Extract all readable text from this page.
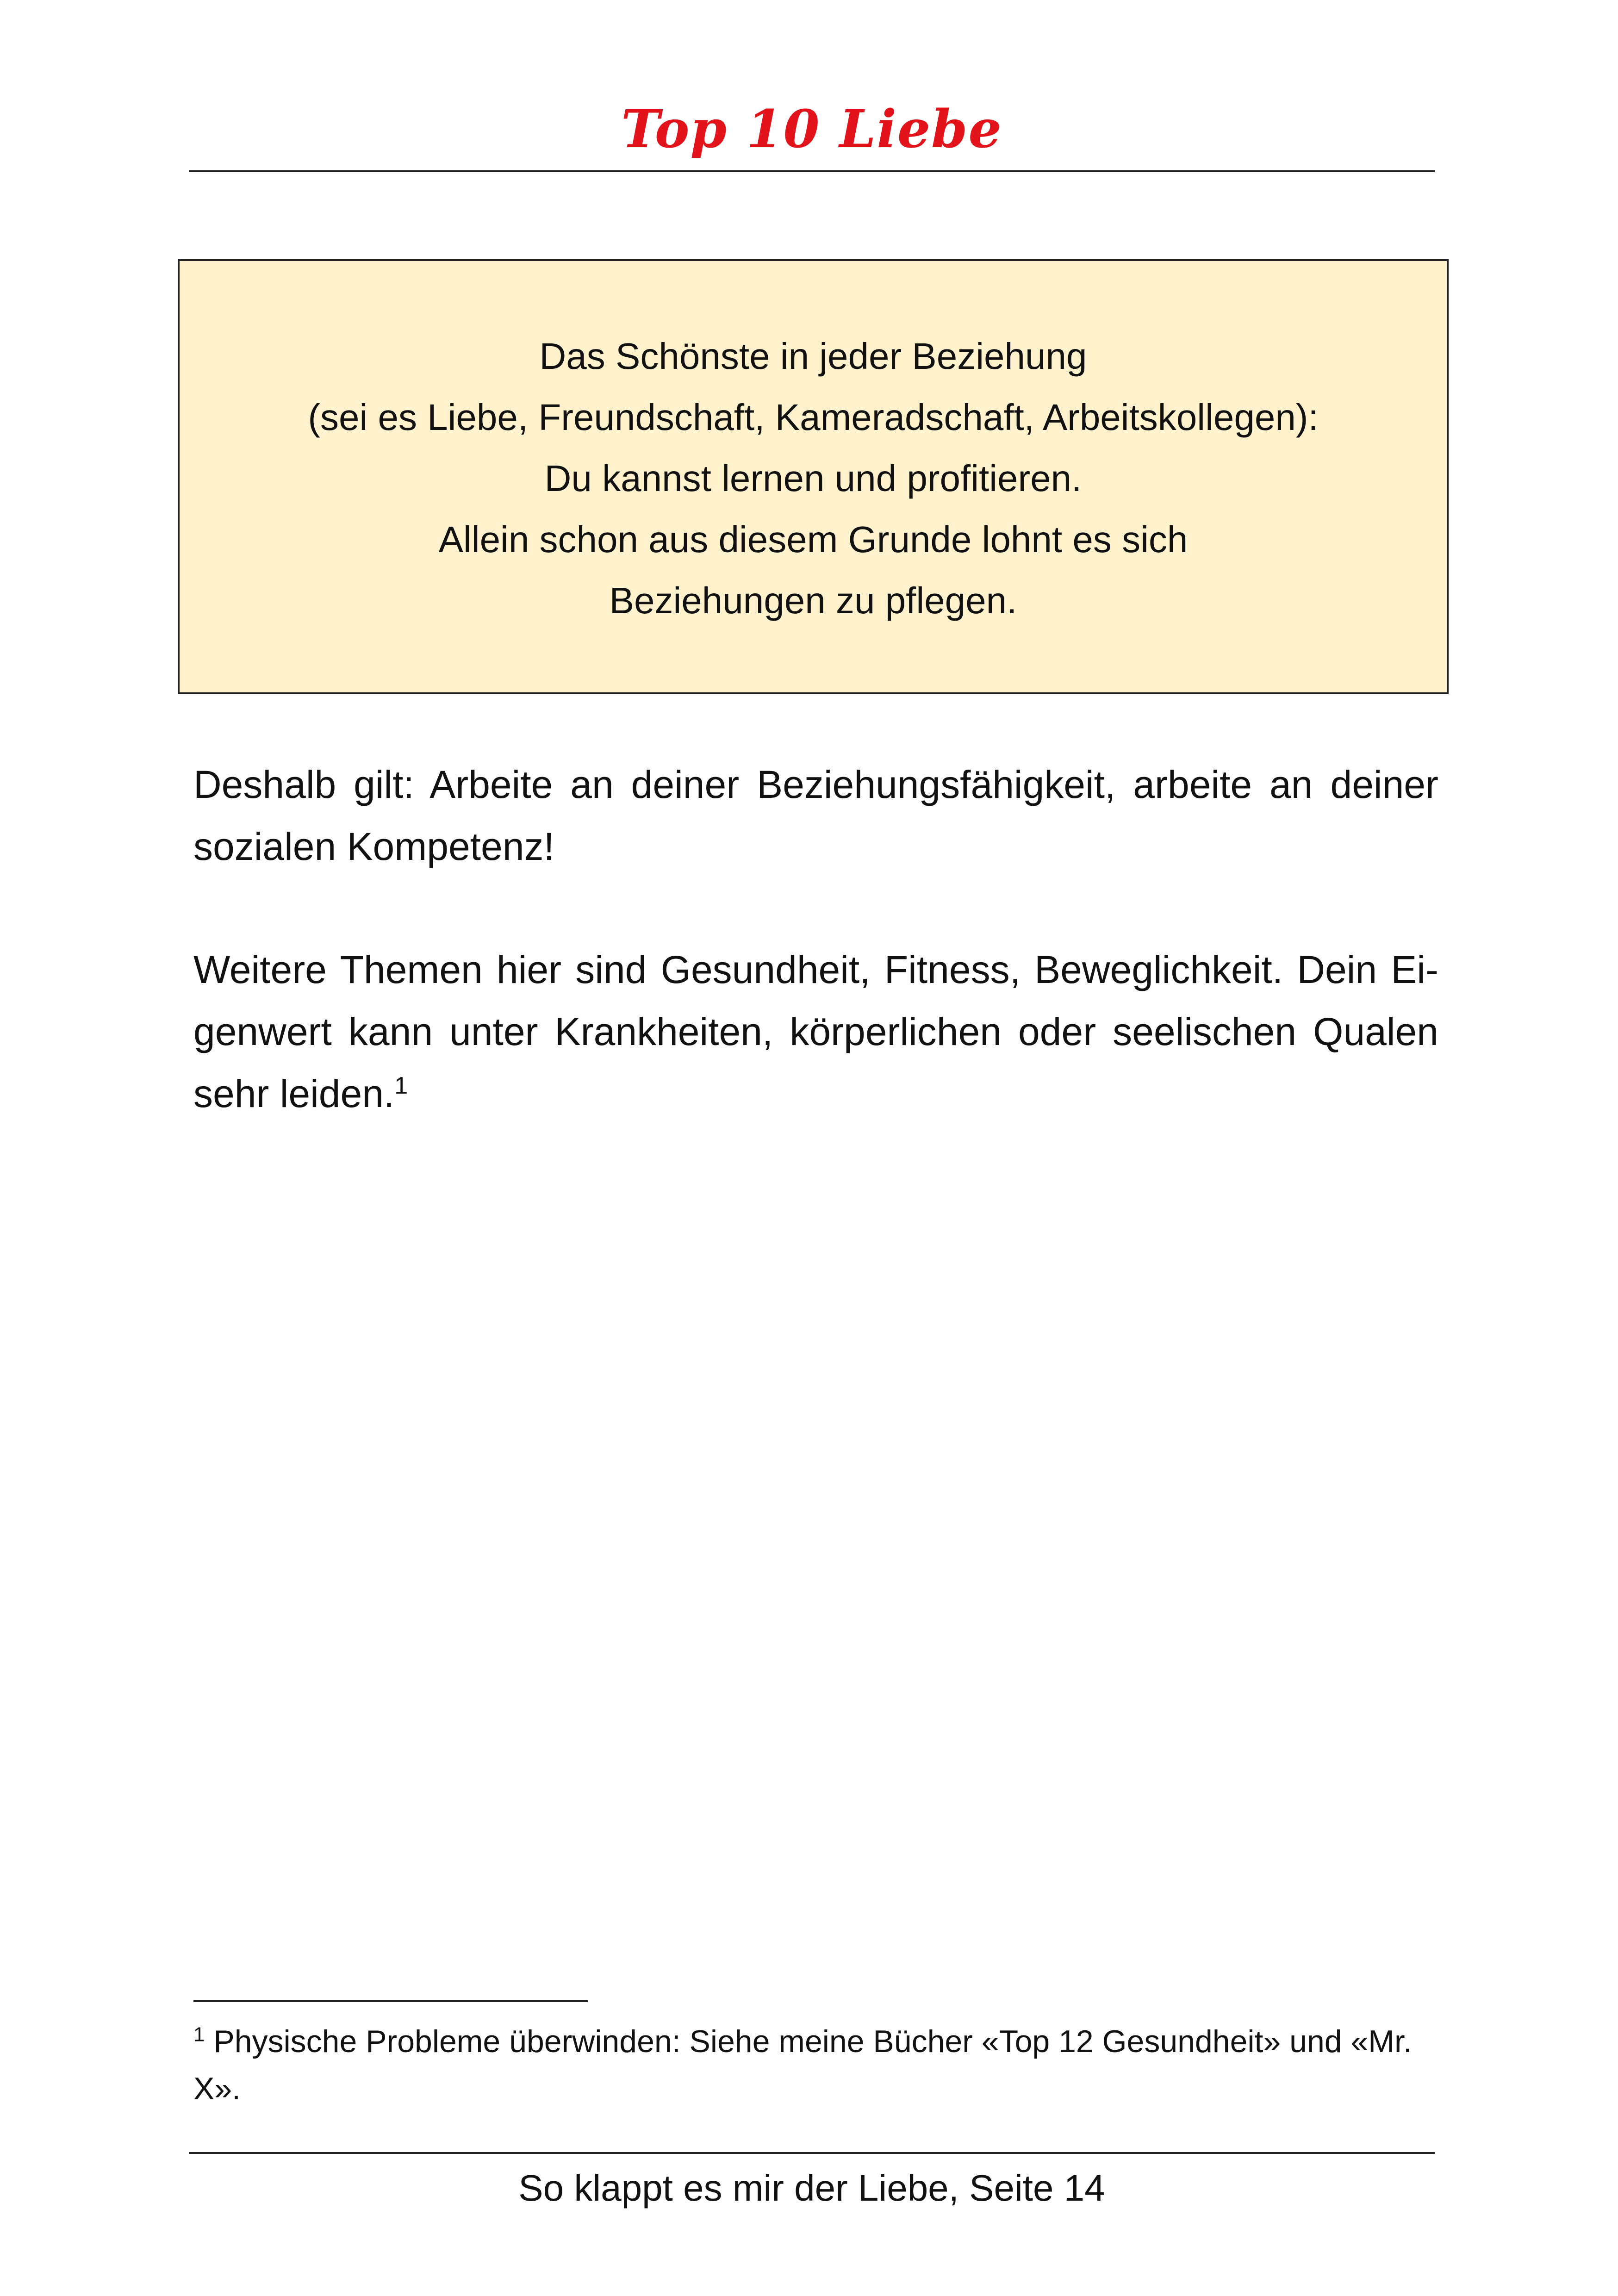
Top 10 Liebe
Das Schönste in jeder Beziehung
(sei es Liebe, Freundschaft, Kameradschaft, Arbeitskollegen):
Du kannst lernen und profitieren.
Allein schon aus diesem Grunde lohnt es sich
Beziehungen zu pflegen.
Deshalb gilt: Arbeite an deiner Beziehungsfähigkeit, arbeite an deiner sozialen Kompetenz!
Weitere Themen hier sind Gesundheit, Fitness, Beweglichkeit. Dein Eigenwert kann unter Krankheiten, körperlichen oder seelischen Qualen sehr leiden.$^1$
$^1$ Physische Probleme überwinden: Siehe meine Bücher «Top 12 Gesundheit» und «Mr. X».
So klappt es mir der Liebe, Seite 14
